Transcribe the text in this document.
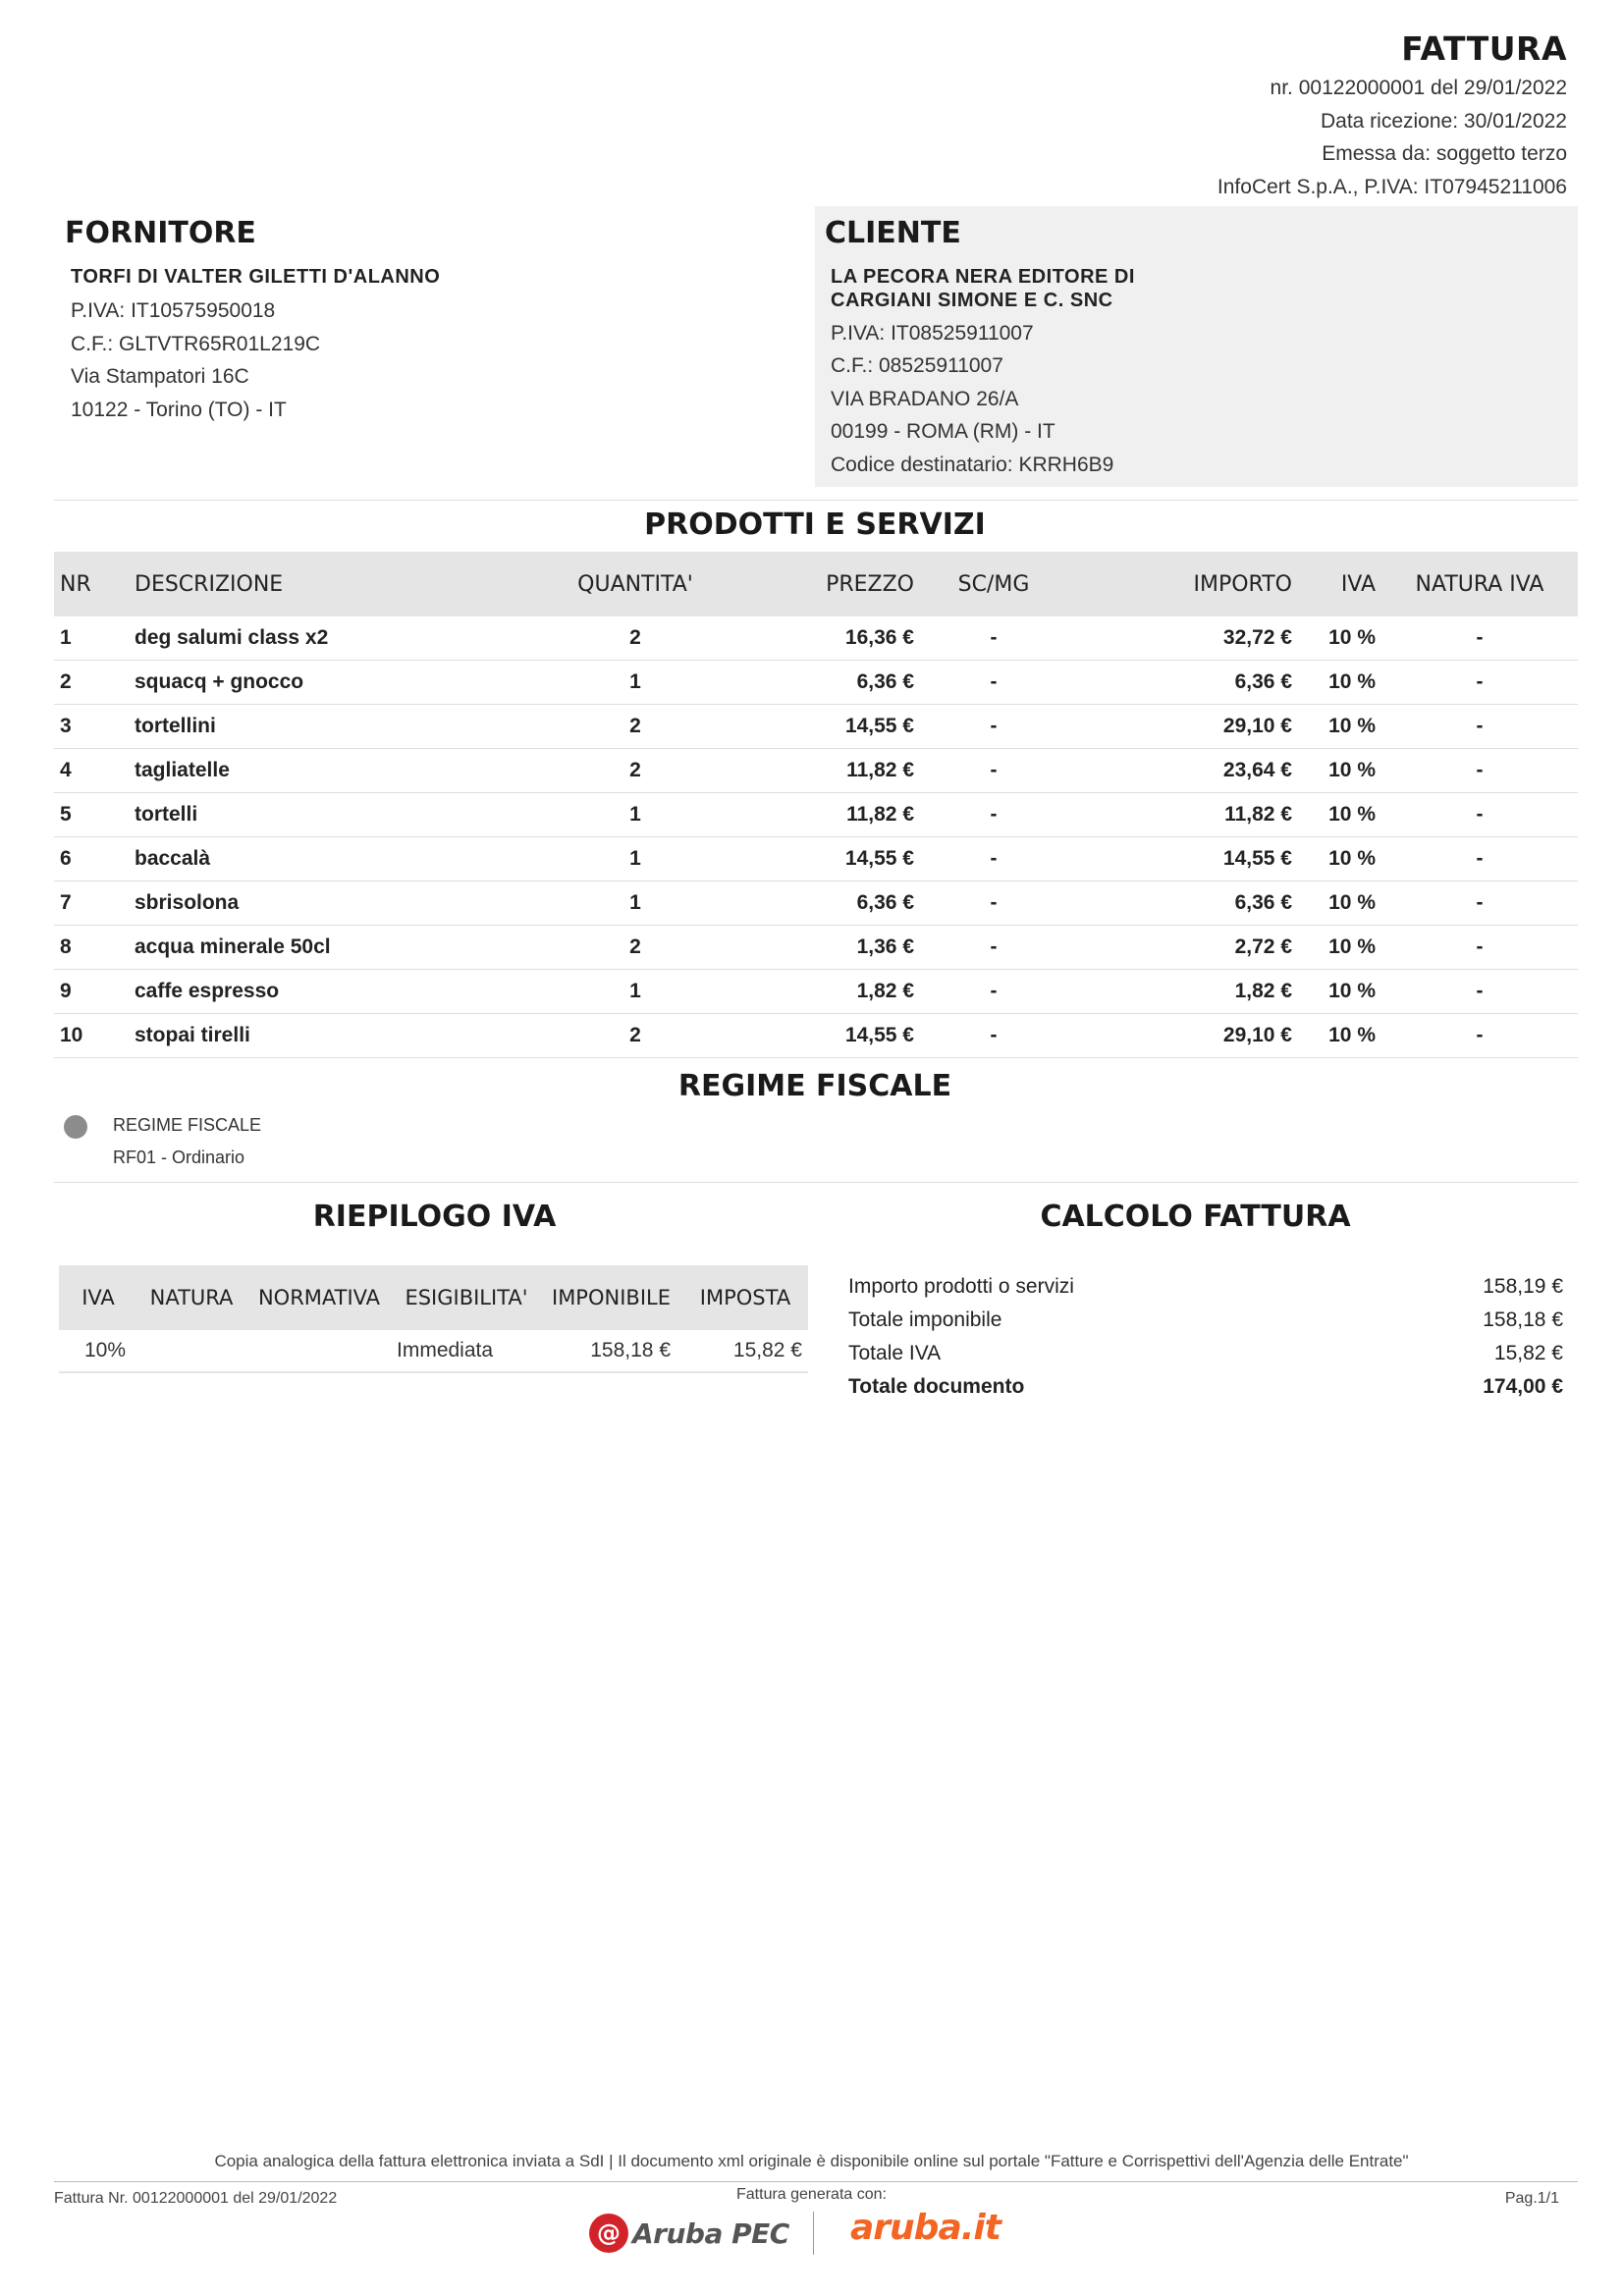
FATTURA
nr. 00122000001 del 29/01/2022
Data ricezione: 30/01/2022
Emessa da: soggetto terzo
InfoCert S.p.A., P.IVA: IT07945211006
FORNITORE
TORFI DI VALTER GILETTI D'ALANNO
P.IVA: IT10575950018
C.F.: GLTVTR65R01L219C
Via Stampatori 16C
10122 - Torino (TO) - IT
CLIENTE
LA PECORA NERA EDITORE DI
CARGIANI SIMONE E C. SNC
P.IVA: IT08525911007
C.F.: 08525911007
VIA BRADANO 26/A
00199 - ROMA (RM) - IT
Codice destinatario: KRRH6B9
PRODOTTI E SERVIZI
NR	DESCRIZIONE	QUANTITA'	PREZZO	SC/MG	IMPORTO	IVA	NATURA IVA
1	deg salumi class x2	2	16,36 €	-	32,72 €	10 %	-
2	squacq + gnocco	1	6,36 €	-	6,36 €	10 %	-
3	tortellini	2	14,55 €	-	29,10 €	10 %	-
4	tagliatelle	2	11,82 €	-	23,64 €	10 %	-
5	tortelli	1	11,82 €	-	11,82 €	10 %	-
6	baccalà	1	14,55 €	-	14,55 €	10 %	-
7	sbrisolona	1	6,36 €	-	6,36 €	10 %	-
8	acqua minerale 50cl	2	1,36 €	-	2,72 €	10 %	-
9	caffe espresso	1	1,82 €	-	1,82 €	10 %	-
10	stopai tirelli	2	14,55 €	-	29,10 €	10 %	-
REGIME FISCALE
REGIME FISCALE
RF01 - Ordinario
RIEPILOGO IVA
IVA	NATURA	NORMATIVA	ESIGIBILITA'	IMPONIBILE	IMPOSTA
10%			Immediata	158,18 €	15,82 €
CALCOLO FATTURA
Importo prodotti o servizi	158,19 €
Totale imponibile	158,18 €
Totale IVA	15,82 €
Totale documento	174,00 €
Copia analogica della fattura elettronica inviata a SdI | Il documento xml originale è disponibile online sul portale "Fatture e Corrispettivi dell'Agenzia delle Entrate"
Fattura Nr. 00122000001 del 29/01/2022	Fattura generata con:	Pag.1/1
@ Aruba PEC aruba.it
